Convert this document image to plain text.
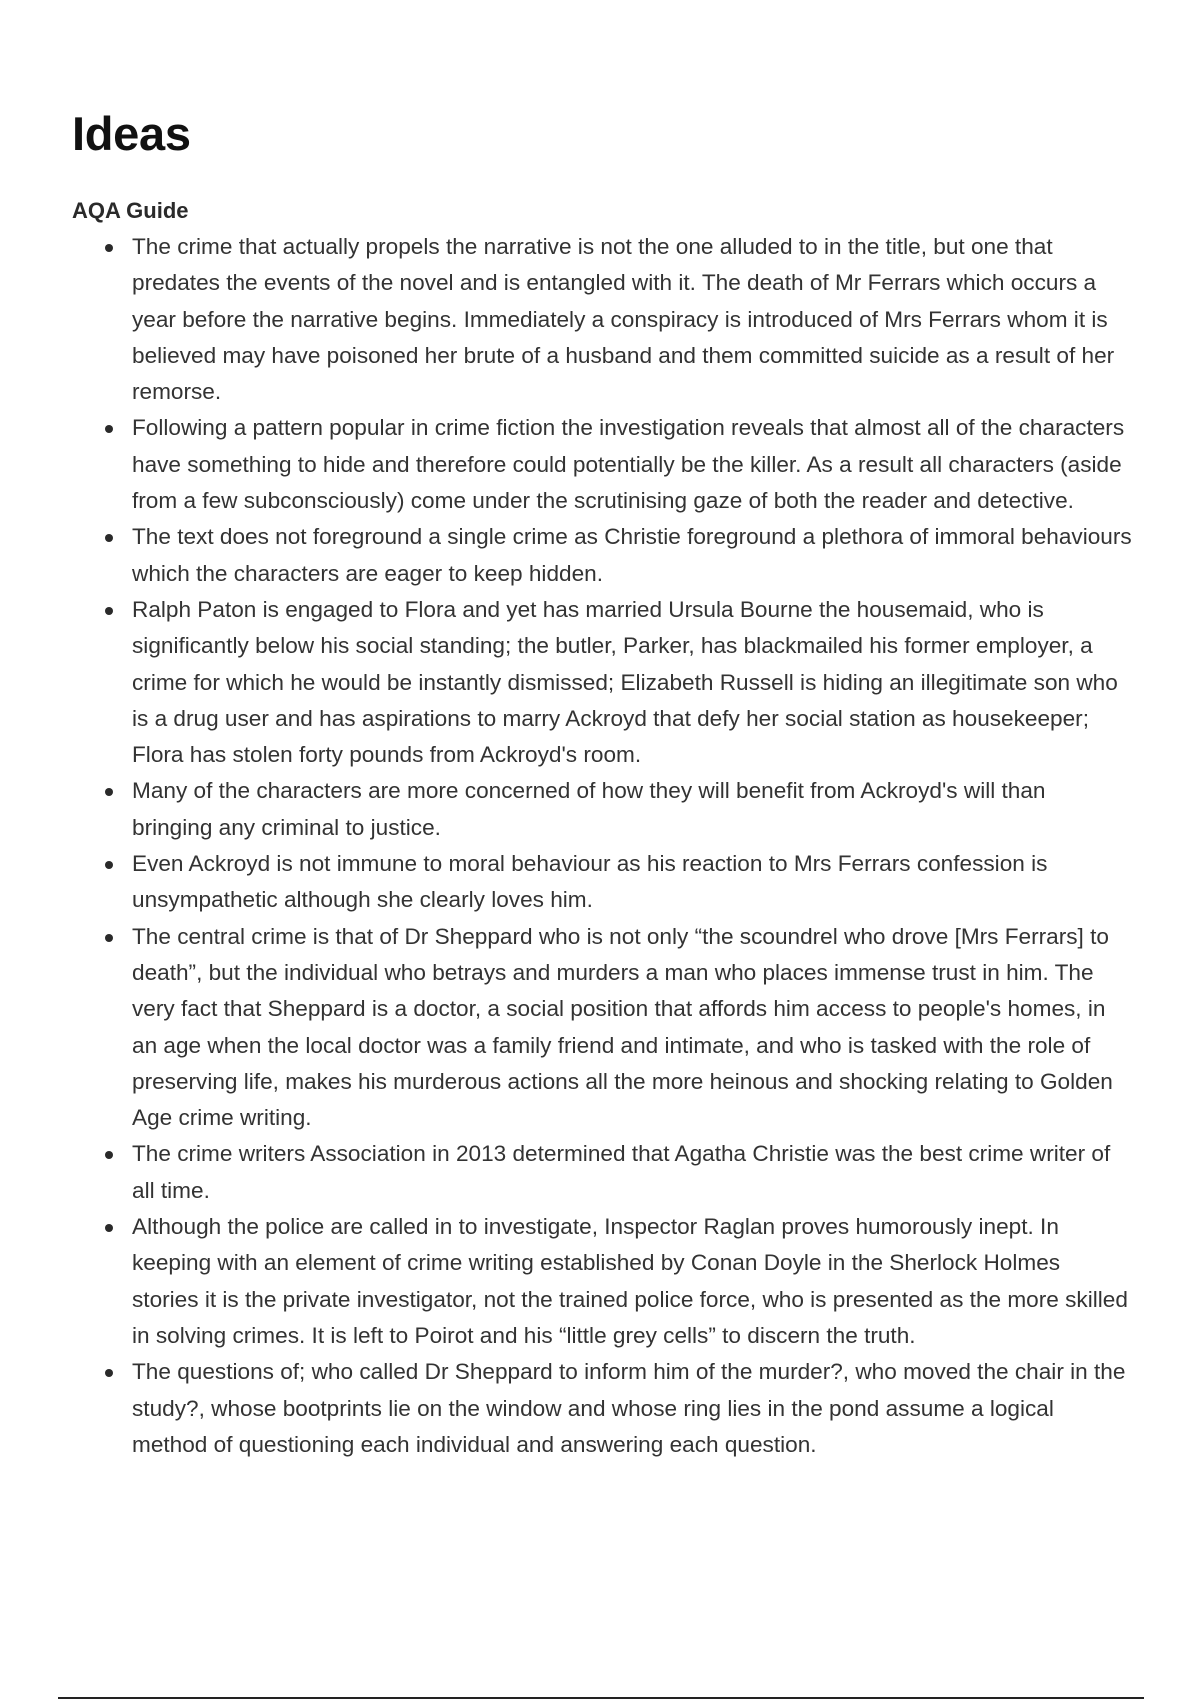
Ideas
AQA Guide
The crime that actually propels the narrative is not the one alluded to in the title, but one that predates the events of the novel and is entangled with it. The death of Mr Ferrars which occurs a year before the narrative begins. Immediately a conspiracy is introduced of Mrs Ferrars whom it is believed may have poisoned her brute of a husband and them committed suicide as a result of her remorse.
Following a pattern popular in crime fiction the investigation reveals that almost all of the characters have something to hide and therefore could potentially be the killer. As a result all characters (aside from a few subconsciously) come under the scrutinising gaze of both the reader and detective.
The text does not foreground a single crime as Christie foreground a plethora of immoral behaviours which the characters are eager to keep hidden.
Ralph Paton is engaged to Flora and yet has married Ursula Bourne the housemaid, who is significantly below his social standing; the butler, Parker, has blackmailed his former employer, a crime for which he would be instantly dismissed; Elizabeth Russell is hiding an illegitimate son who is a drug user and has aspirations to marry Ackroyd that defy her social station as housekeeper; Flora has stolen forty pounds from Ackroyd's room.
Many of the characters are more concerned of how they will benefit from Ackroyd's will than bringing any criminal to justice.
Even Ackroyd is not immune to moral behaviour as his reaction to Mrs Ferrars confession is unsympathetic although she clearly loves him.
The central crime is that of Dr Sheppard who is not only “the scoundrel who drove [Mrs Ferrars] to death”, but the individual who betrays and murders a man who places immense trust in him. The very fact that Sheppard is a doctor, a social position that affords him access to people's homes, in an age when the local doctor was a family friend and intimate, and who is tasked with the role of preserving life, makes his murderous actions all the more heinous and shocking relating to Golden Age crime writing.
The crime writers Association in 2013 determined that Agatha Christie was the best crime writer of all time.
Although the police are called in to investigate, Inspector Raglan proves humorously inept. In keeping with an element of crime writing established by Conan Doyle in the Sherlock Holmes stories it is the private investigator, not the trained police force, who is presented as the more skilled in solving crimes. It is left to Poirot and his “little grey cells” to discern the truth.
The questions of; who called Dr Sheppard to inform him of the murder?, who moved the chair in the study?, whose bootprints lie on the window and whose ring lies in the pond assume a logical method of questioning each individual and answering each question.
